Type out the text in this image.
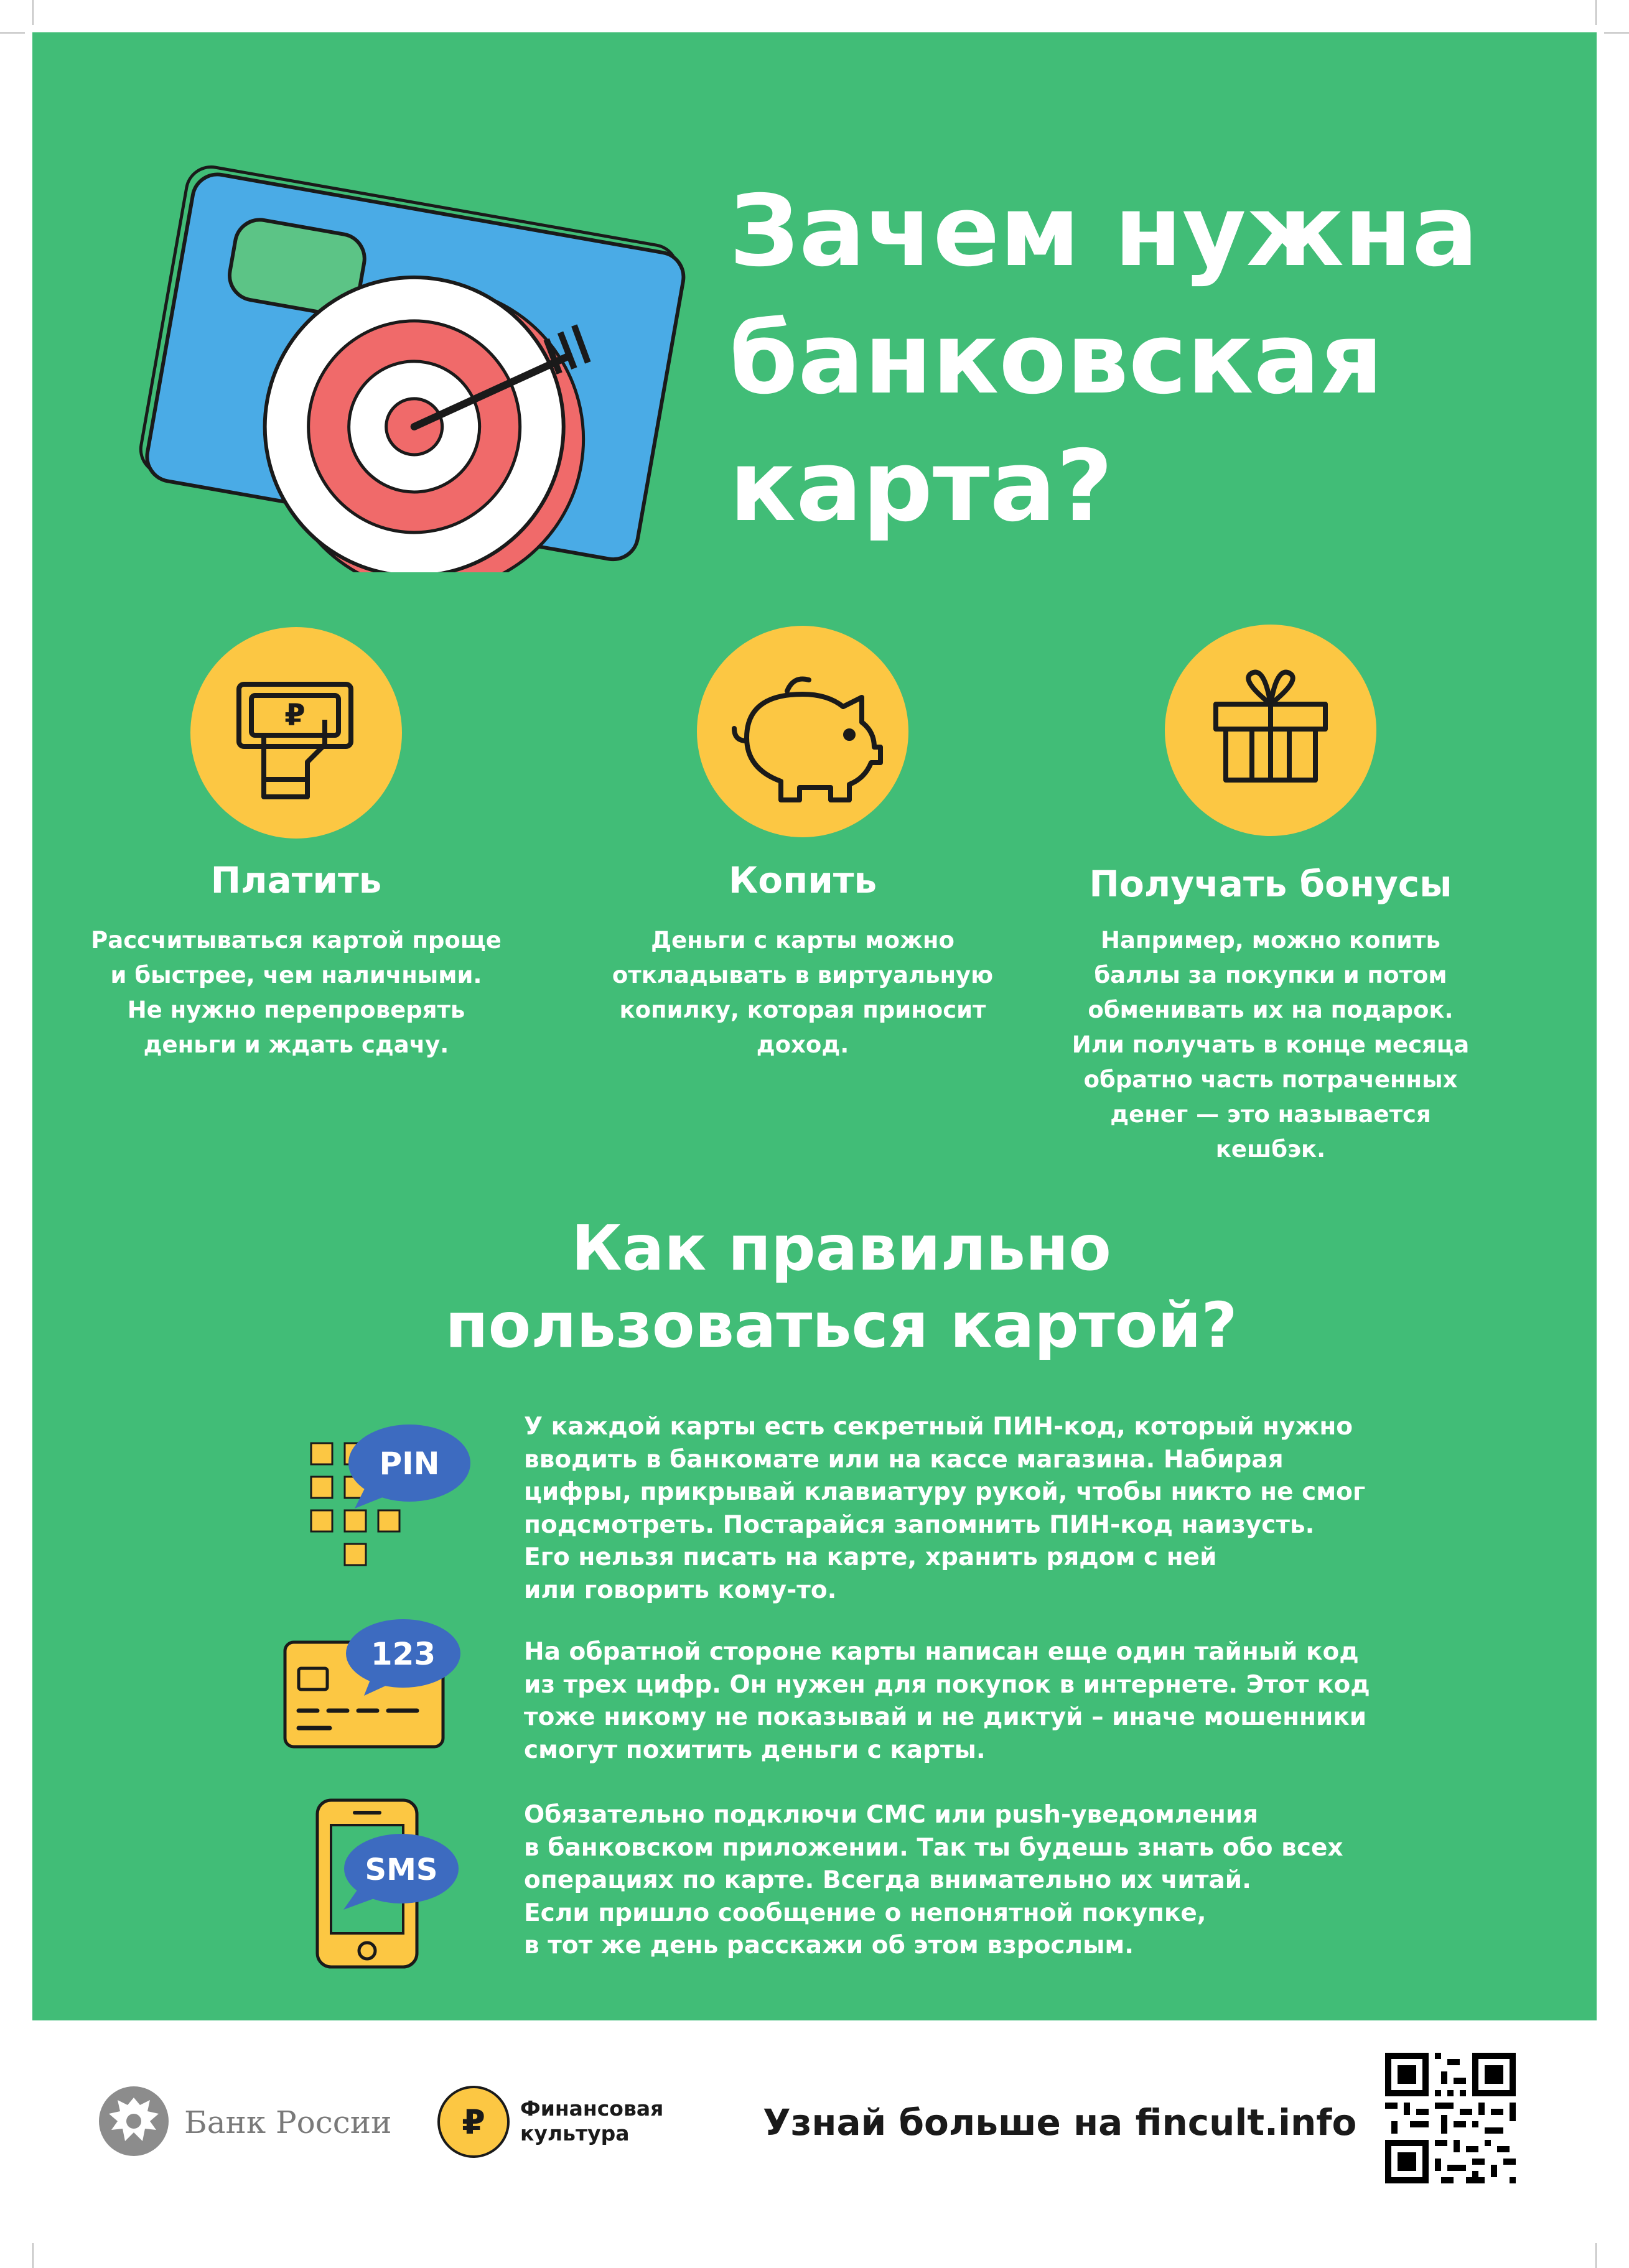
Зачем нужна банковская карта?
₽
Платить

Рассчитываться картой проще
и быстрее, чем наличными.
Не нужно перепроверять
деньги и ждать сдачу.

Копить

Деньги с карты можно
откладывать в виртуальную
копилку, которая приносит
доход.

Получать бонусы

Например, можно копить
баллы за покупки и потом
обменивать их на подарок.
Или получать в конце месяца
обратно часть потраченных
денег — это называется
кешбэк.

Как правильно
пользоваться картой?
PIN

У каждой карты есть секретный ПИН-код, который нужно
вводить в банкомате или на кассе магазина. Набирая
цифры, прикрывай клавиатуру рукой, чтобы никто не смог
подсмотреть. Постарайся запомнить ПИН-код наизусть.
Его нельзя писать на карте, хранить рядом с ней
или говорить кому-то.

123	На обратной стороне карты написан еще один тайный код
из трех цифр. Он нужен для покупок в интернете. Этот код
тоже никому не показывай и не диктуй – иначе мошенники
смогут похитить деньги с карты.

SMS

Обязательно подключи СМС или push-уведомления
в банковском приложении. Так ты будешь знать обо всех
операциях по карте. Всегда внимательно их читай.
Если пришло сообщение о непонятной покупке,
в тот же день расскажи об этом взрослым.

Банк России ₽ Финансовая
культура	Узнай больше на fincult.info
